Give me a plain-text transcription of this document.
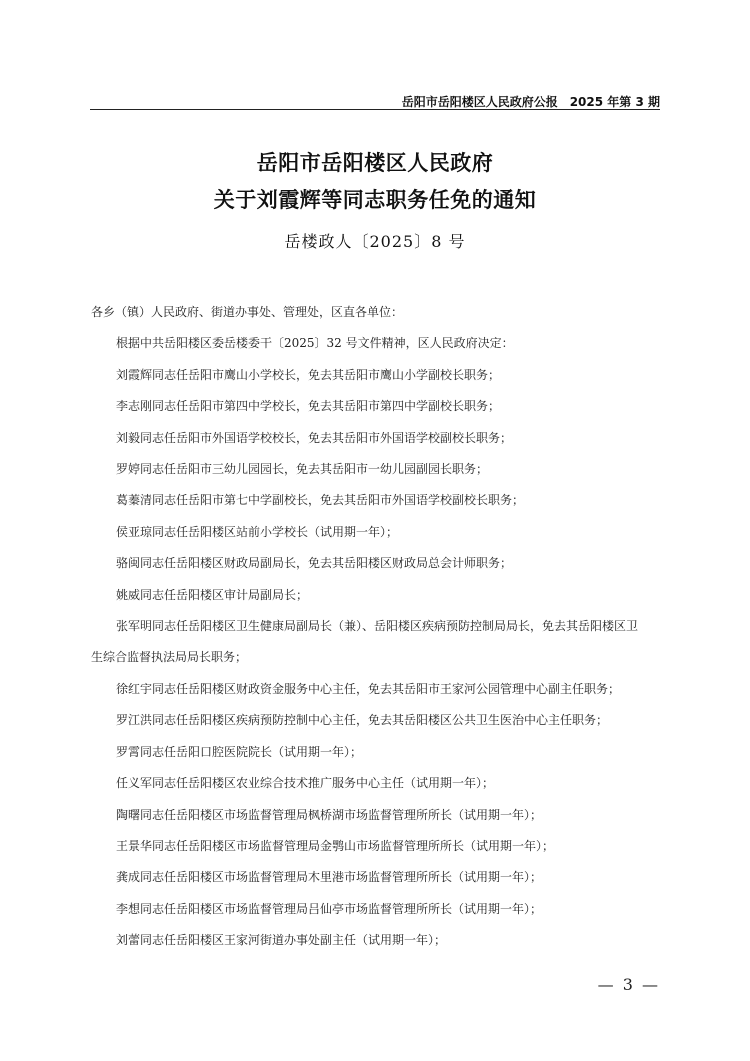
岳阳市岳阳楼区人民政府公报 2025 年第 3 期
岳阳市岳阳楼区人民政府
关于刘霞辉等同志职务任免的通知
岳楼政人〔2025〕8 号
各乡（镇）人民政府、街道办事处、管理处，区直各单位：
根据中共岳阳楼区委岳楼委干〔2025〕32 号文件精神，区人民政府决定：
刘霞辉同志任岳阳市鹰山小学校长，免去其岳阳市鹰山小学副校长职务；
李志刚同志任岳阳市第四中学校长，免去其岳阳市第四中学副校长职务；
刘毅同志任岳阳市外国语学校校长，免去其岳阳市外国语学校副校长职务；
罗婷同志任岳阳市三幼儿园园长，免去其岳阳市一幼儿园副园长职务；
葛蓁清同志任岳阳市第七中学副校长，免去其岳阳市外国语学校副校长职务；
侯亚琼同志任岳阳楼区站前小学校长（试用期一年）；
骆闽同志任岳阳楼区财政局副局长，免去其岳阳楼区财政局总会计师职务；
姚威同志任岳阳楼区审计局副局长；
张军明同志任岳阳楼区卫生健康局副局长（兼）、岳阳楼区疾病预防控制局局长，免去其岳阳楼区卫
生综合监督执法局局长职务；
徐红宇同志任岳阳楼区财政资金服务中心主任，免去其岳阳市王家河公园管理中心副主任职务；
罗江洪同志任岳阳楼区疾病预防控制中心主任，免去其岳阳楼区公共卫生医治中心主任职务；
罗霄同志任岳阳口腔医院院长（试用期一年）；
任义军同志任岳阳楼区农业综合技术推广服务中心主任（试用期一年）；
陶曙同志任岳阳楼区市场监督管理局枫桥湖市场监督管理所所长（试用期一年）；
王景华同志任岳阳楼区市场监督管理局金鹗山市场监督管理所所长（试用期一年）；
龚成同志任岳阳楼区市场监督管理局木里港市场监督管理所所长（试用期一年）；
李想同志任岳阳楼区市场监督管理局吕仙亭市场监督管理所所长（试用期一年）；
刘蕾同志任岳阳楼区王家河街道办事处副主任（试用期一年）；
— 3 —
